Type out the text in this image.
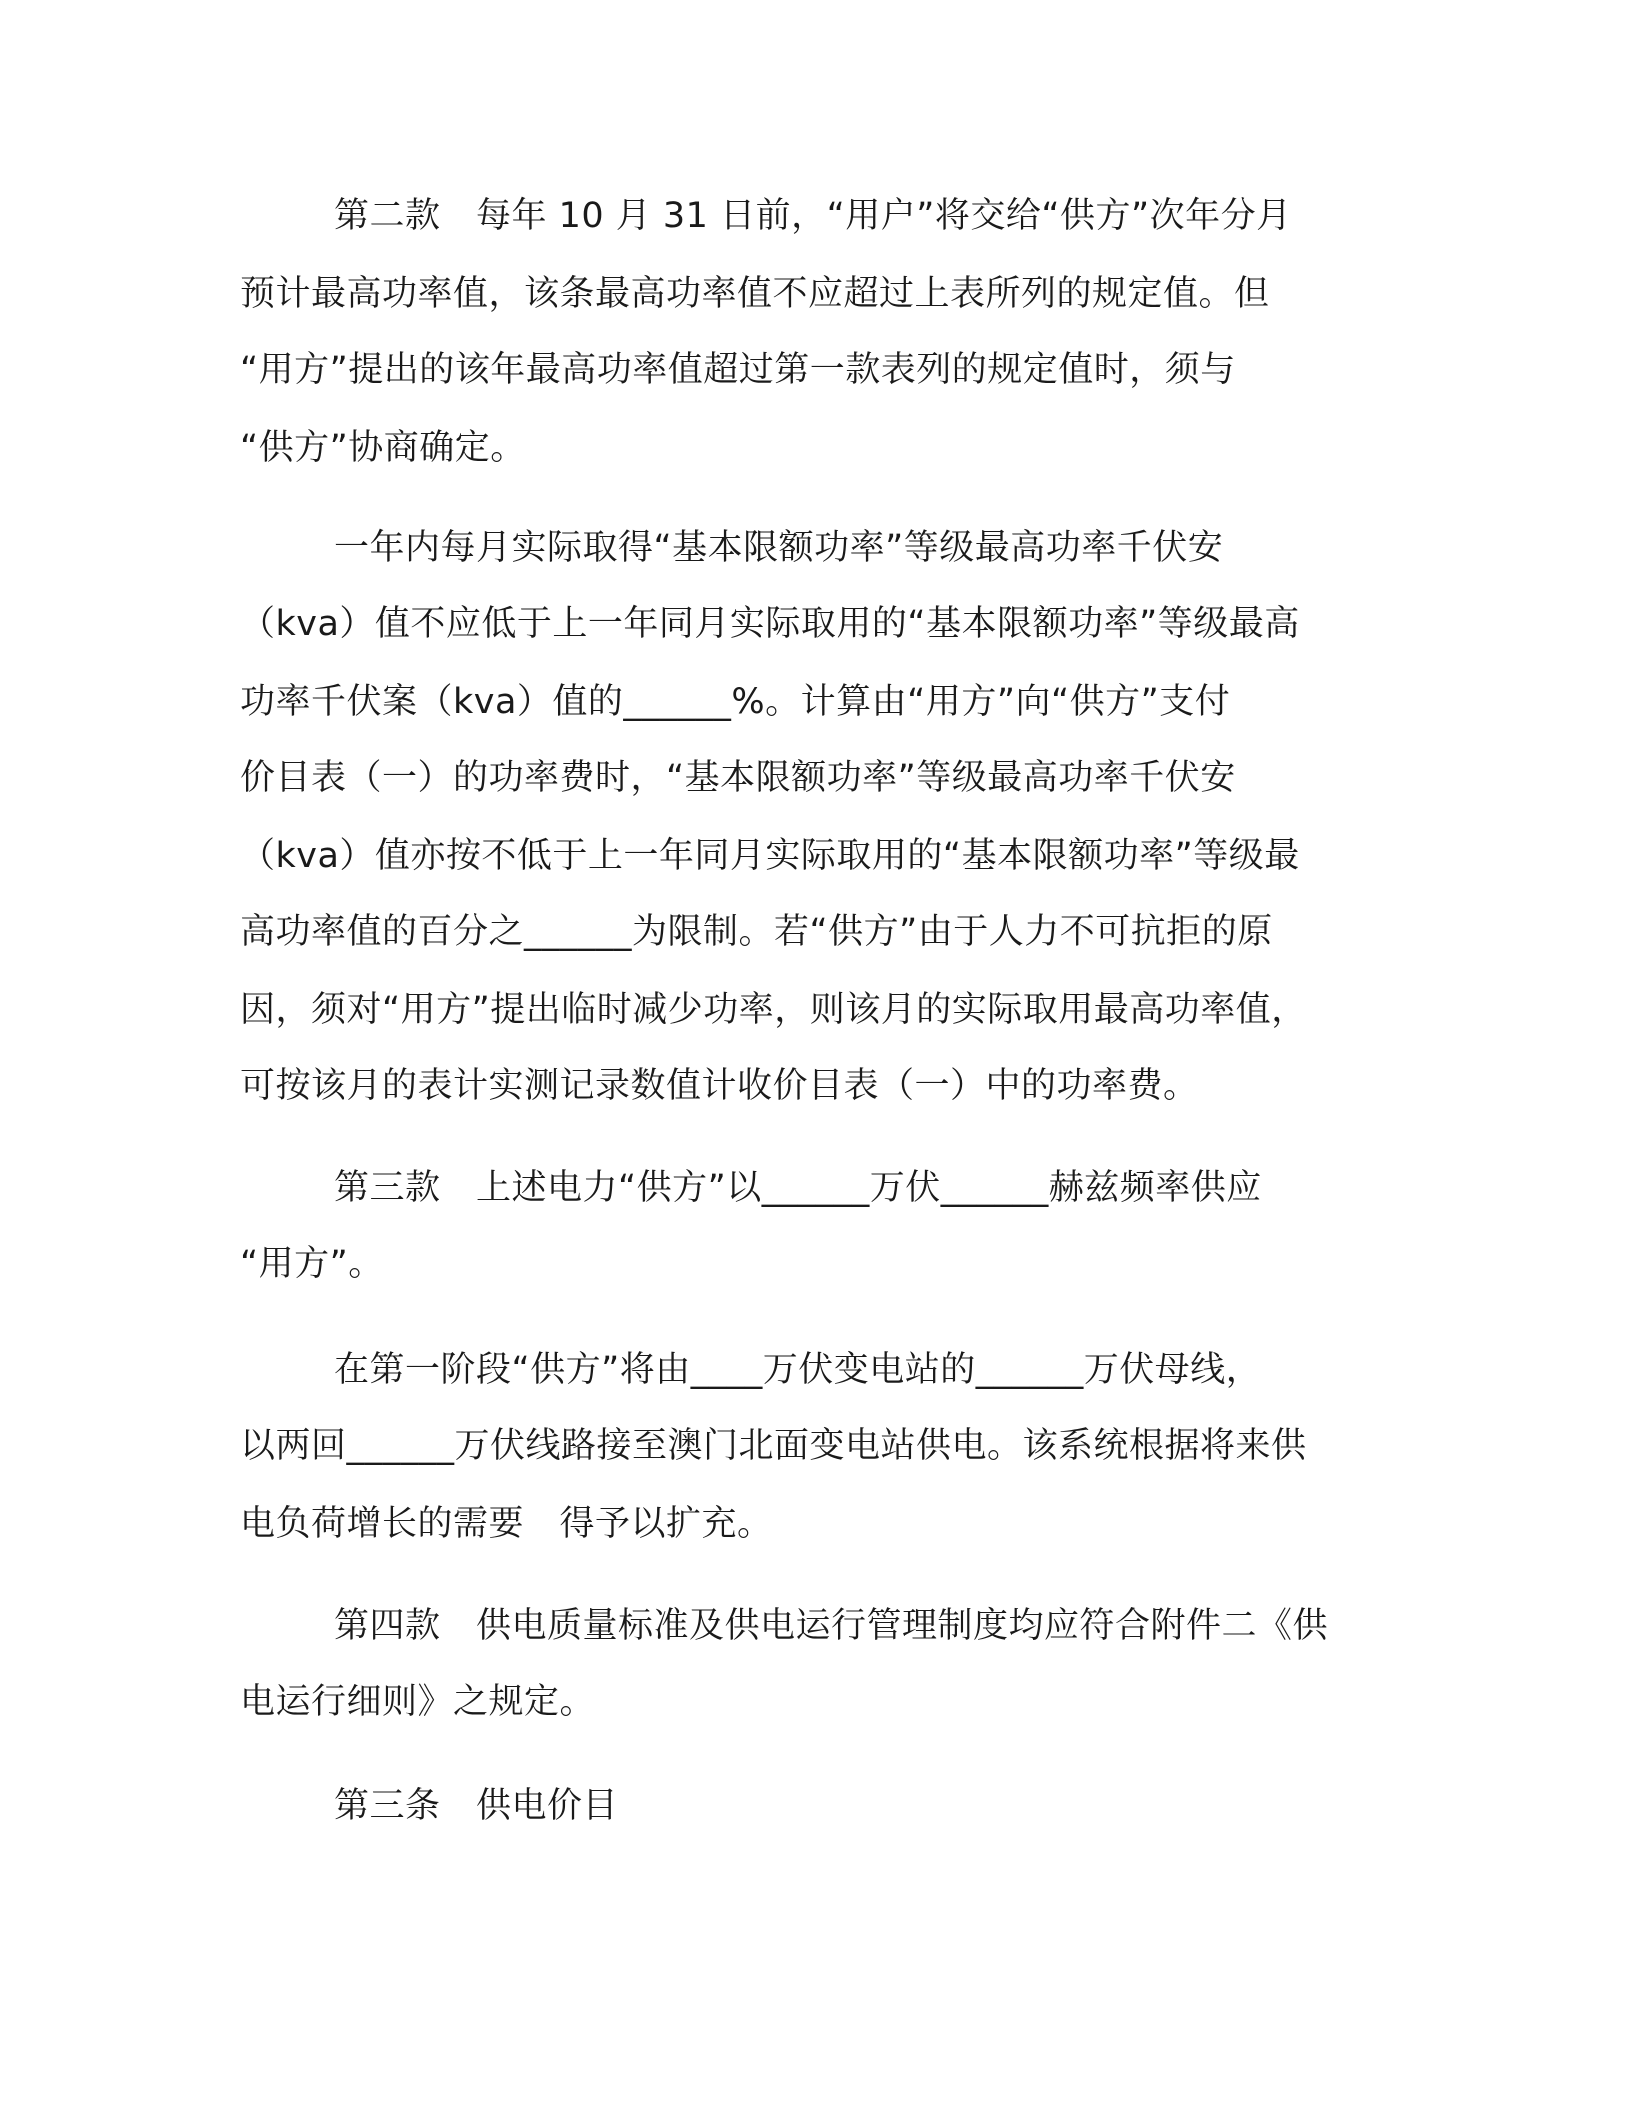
第二款　每年 10 月 31 日前，“用户”将交给“供方”次年分月
预计最高功率值，该条最高功率值不应超过上表所列的规定值。但
“用方”提出的该年最高功率值超过第一款表列的规定值时，须与
“供方”协商确定。
一年内每月实际取得“基本限额功率”等级最高功率千伏安
（kva）值不应低于上一年同月实际取用的“基本限额功率”等级最高
功率千伏案（kva）值的______%。计算由“用方”向“供方”支付
价目表（一）的功率费时，“基本限额功率”等级最高功率千伏安
（kva）值亦按不低于上一年同月实际取用的“基本限额功率”等级最
高功率值的百分之______为限制。若“供方”由于人力不可抗拒的原
因，须对“用方”提出临时减少功率，则该月的实际取用最高功率值，
可按该月的表计实测记录数值计收价目表（一）中的功率费。
第三款　上述电力“供方”以______万伏______赫兹频率供应
“用方”。
在第一阶段“供方”将由____万伏变电站的______万伏母线，
以两回______万伏线路接至澳门北面变电站供电。该系统根据将来供
电负荷增长的需要　得予以扩充。
第四款　供电质量标准及供电运行管理制度均应符合附件二《供
电运行细则》之规定。
第三条　供电价目
